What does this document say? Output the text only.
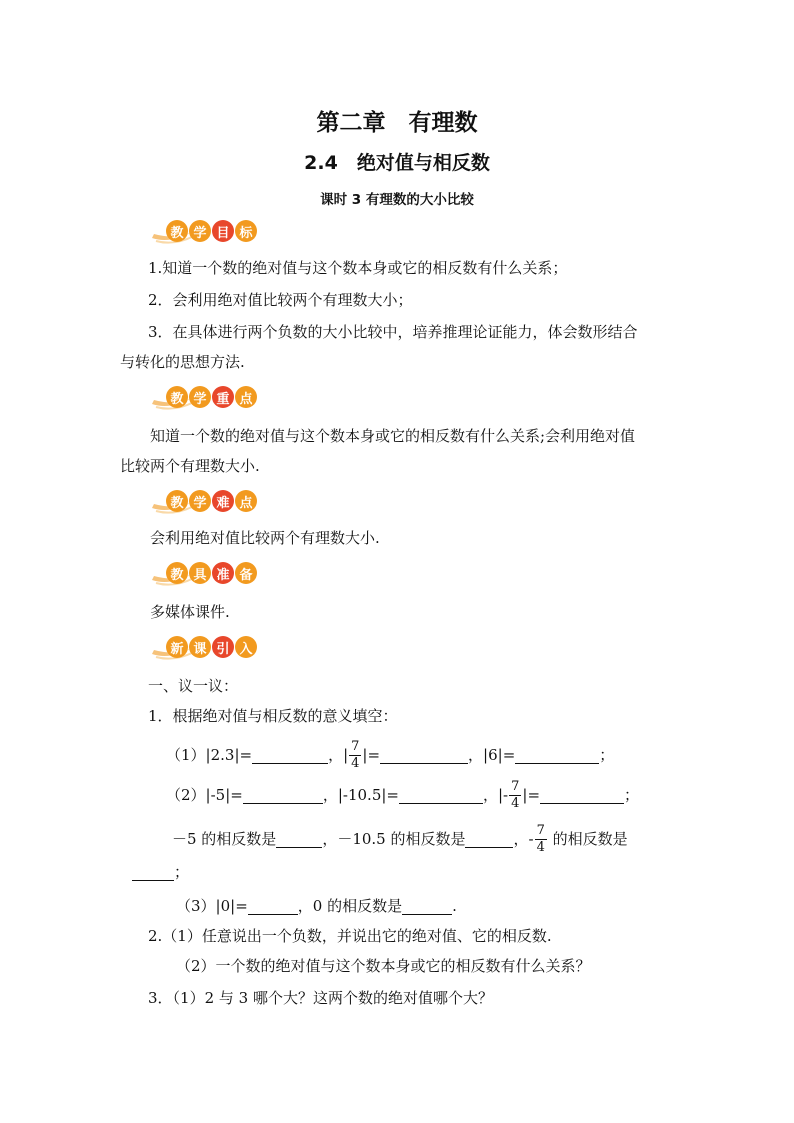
第二章　有理数
2.4　绝对值与相反数
课时 3 有理数的大小比较
教 学 目 标
1.知道一个数的绝对值与这个数本身或它的相反数有什么关系；
2．会利用绝对值比较两个有理数大小；
3．在具体进行两个负数的大小比较中，培养推理论证能力，体会数形结合
与转化的思想方法.
教 学 重 点
知道一个数的绝对值与这个数本身或它的相反数有什么关系;会利用绝对值
比较两个有理数大小.
教 学 难 点
会利用绝对值比较两个有理数大小.
教 具 准 备
多媒体课件.
新 课 引 入
一、议一议：
1．根据绝对值与相反数的意义填空：
（1）|2.3|=	，| $\frac{7}{4}$ |=	，|6|=	；
（2）|-5|=	，|-10.5|=	，|- $\frac{7}{4}$ |=	；
－5 的相反数是	，－10.5 的相反数是	，- $\frac{7}{4}$ 的相反数是
；
（3）|0|=	，0 的相反数是	.
2.（1）任意说出一个负数，并说出它的绝对值、它的相反数.
（2）一个数的绝对值与这个数本身或它的相反数有什么关系？
3．（1）2 与 3 哪个大？这两个数的绝对值哪个大？
